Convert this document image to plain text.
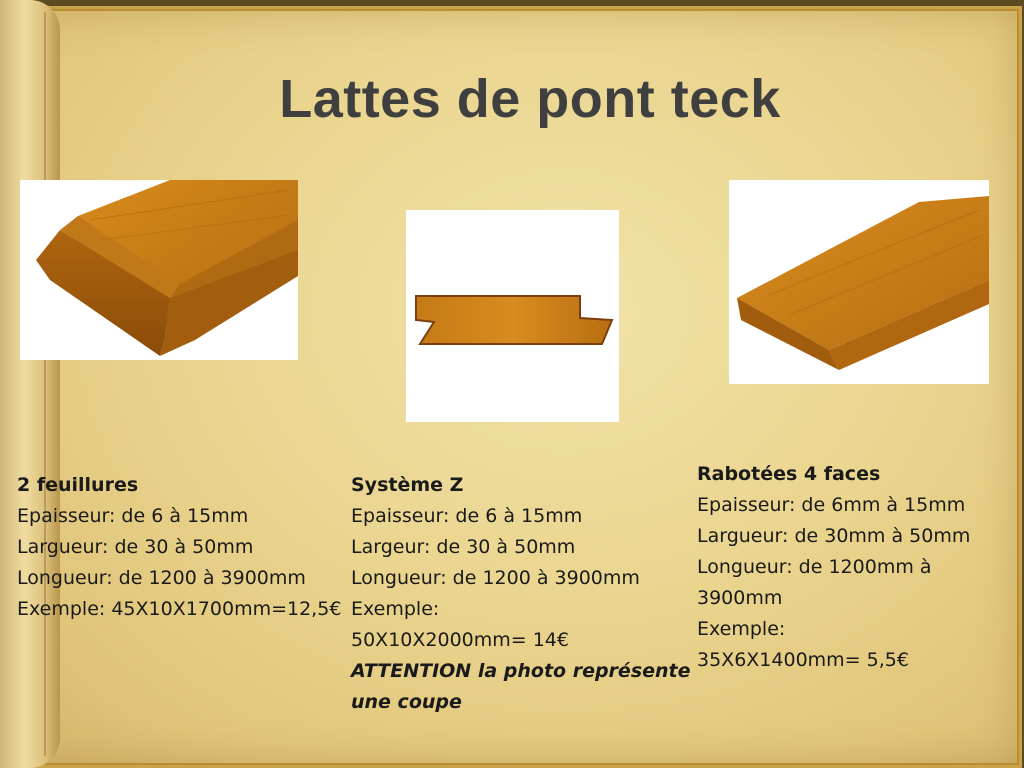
Lattes de pont teck
2 feuillures
Epaisseur: de 6 à 15mm
Largueur: de 30 à 50mm
Longueur: de 1200 à 3900mm
Exemple: 45X10X1700mm=12,5€
Système Z
Epaisseur: de 6 à 15mm
Largeur: de 30 à 50mm
Longueur: de 1200 à 3900mm
Exemple:
50X10X2000mm= 14€
ATTENTION la photo représente
une coupe
Rabotées 4 faces
Epaisseur: de 6mm à 15mm
Largueur: de 30mm à 50mm
Longueur: de 1200mm à
3900mm
Exemple:
35X6X1400mm= 5,5€
